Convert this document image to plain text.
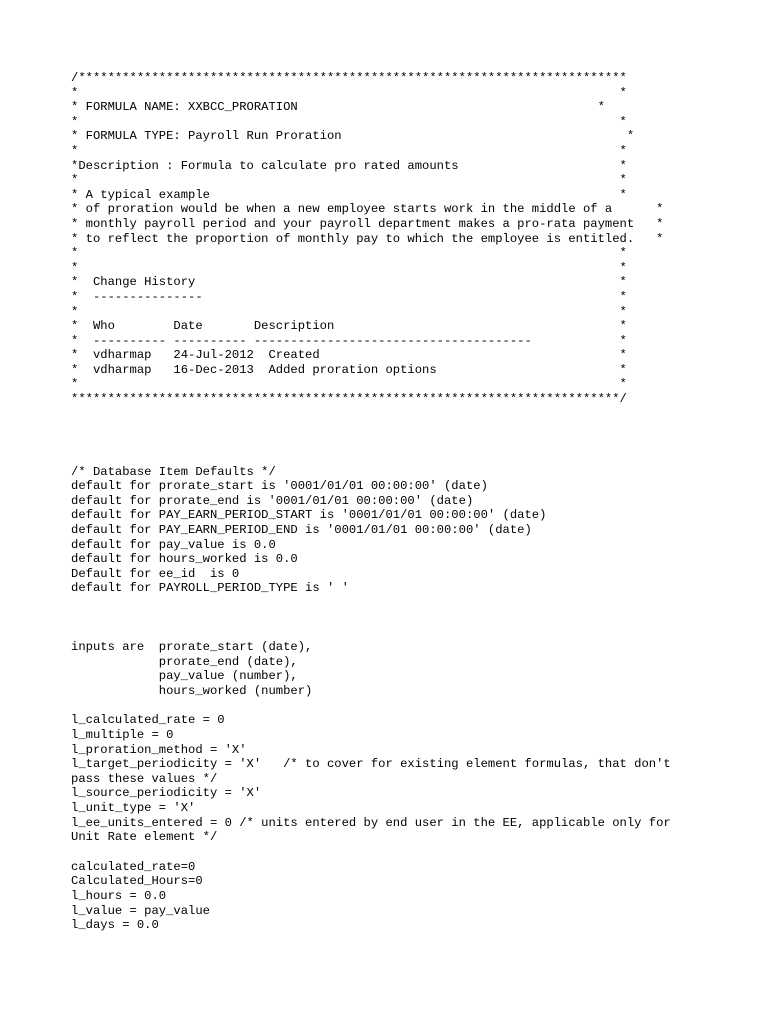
/***************************************************************************
*                                                                          *
* FORMULA NAME: XXBCC_PRORATION                                         *
*                                                                          *
* FORMULA TYPE: Payroll Run Proration                                       *
*                                                                          *
*Description : Formula to calculate pro rated amounts                      *
*                                                                          *
* A typical example                                                        *
* of proration would be when a new employee starts work in the middle of a      *
* monthly payroll period and your payroll department makes a pro-rata payment   *
* to reflect the proportion of monthly pay to which the employee is entitled.   *
*                                                                          *
*                                                                          *
*  Change History                                                          *
*  ---------------                                                         *
*                                                                          *
*  Who        Date       Description                                       *
*  ---------- ---------- --------------------------------------            *
*  vdharmap   24-Jul-2012  Created                                         *
*  vdharmap   16-Dec-2013  Added proration options                         *
*                                                                          *
***************************************************************************/
/* Database Item Defaults */
default for prorate_start is '0001/01/01 00:00:00' (date)
default for prorate_end is '0001/01/01 00:00:00' (date)
default for PAY_EARN_PERIOD_START is '0001/01/01 00:00:00' (date)
default for PAY_EARN_PERIOD_END is '0001/01/01 00:00:00' (date)
default for pay_value is 0.0
default for hours_worked is 0.0
Default for ee_id  is 0
default for PAYROLL_PERIOD_TYPE is ' '
inputs are  prorate_start (date),
prorate_end (date),
pay_value (number),
hours_worked (number)
l_calculated_rate = 0
l_multiple = 0
l_proration_method = 'X'
l_target_periodicity = 'X'   /* to cover for existing element formulas, that don't
pass these values */
l_source_periodicity = 'X'
l_unit_type = 'X'
l_ee_units_entered = 0 /* units entered by end user in the EE, applicable only for
Unit Rate element */
calculated_rate=0
Calculated_Hours=0
l_hours = 0.0
l_value = pay_value
l_days = 0.0
